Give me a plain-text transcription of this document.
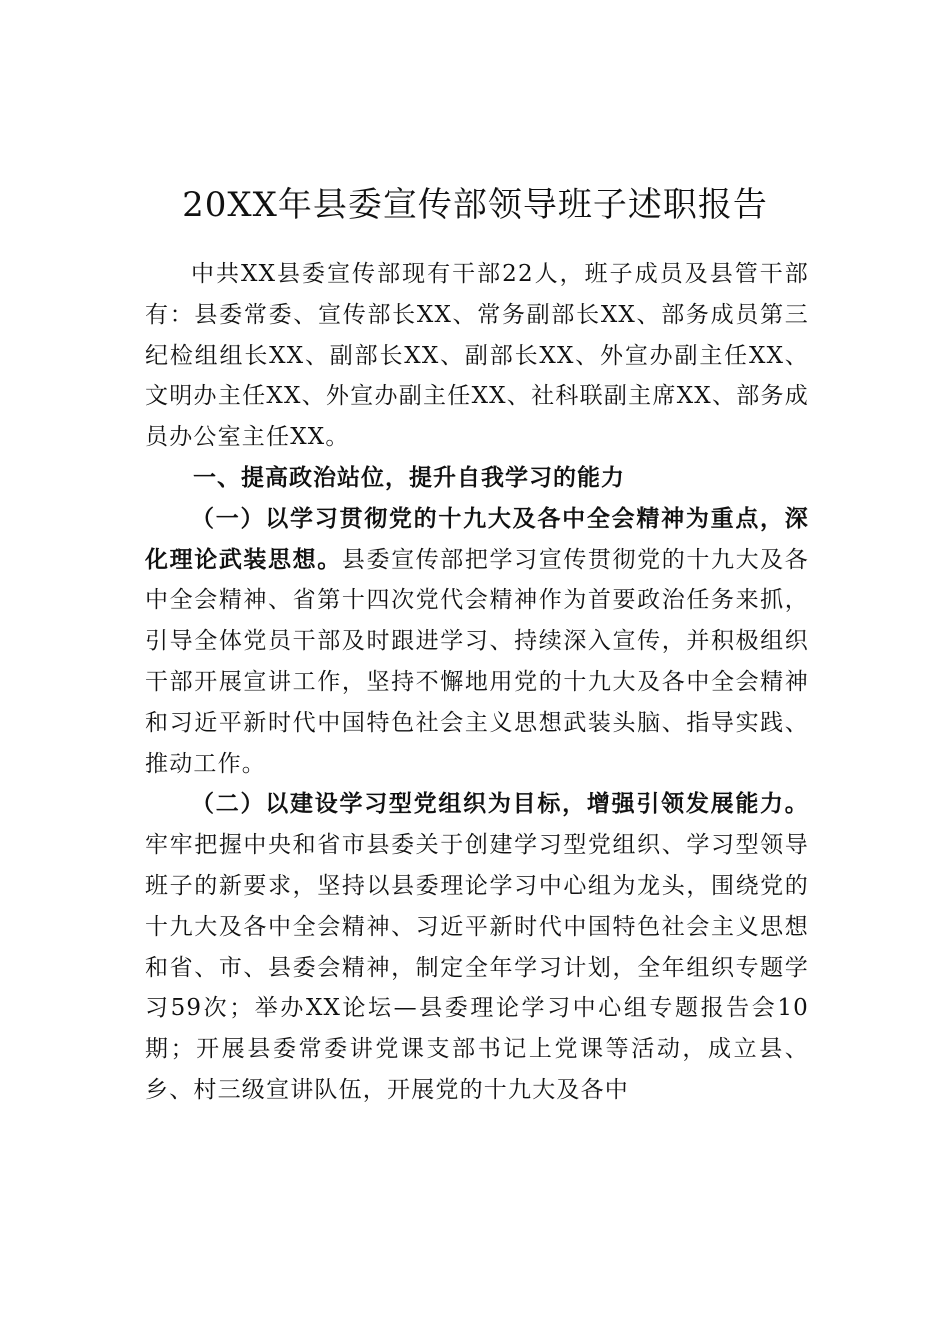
20XX年县委宣传部领导班子述职报告

中共XX县委宣传部现有干部22人，班子成员及县管干部有：县委常委、宣传部长XX、常务副部长XX、部务成员第三纪检组组长XX、副部长XX、副部长XX、外宣办副主任XX、文明办主任XX、外宣办副主任XX、社科联副主席XX、部务成员办公室主任XX。

一、提高政治站位，提升自我学习的能力

（一）以学习贯彻党的十九大及各中全会精神为重点，深化理论武装思想。县委宣传部把学习宣传贯彻党的十九大及各中全会精神、省第十四次党代会精神作为首要政治任务来抓，引导全体党员干部及时跟进学习、持续深入宣传，并积极组织干部开展宣讲工作，坚持不懈地用党的十九大及各中全会精神和习近平新时代中国特色社会主义思想武装头脑、指导实践、推动工作。

（二）以建设学习型党组织为目标，增强引领发展能力。牢牢把握中央和省市县委关于创建学习型党组织、学习型领导班子的新要求，坚持以县委理论学习中心组为龙头，围绕党的十九大及各中全会精神、习近平新时代中国特色社会主义思想和省、市、县委会精神，制定全年学习计划，全年组织专题学习59次；举办XX论坛—县委理论学习中心组专题报告会10期；开展县委常委讲党课支部书记上党课等活动，成立县、乡、村三级宣讲队伍，开展党的十九大及各中
